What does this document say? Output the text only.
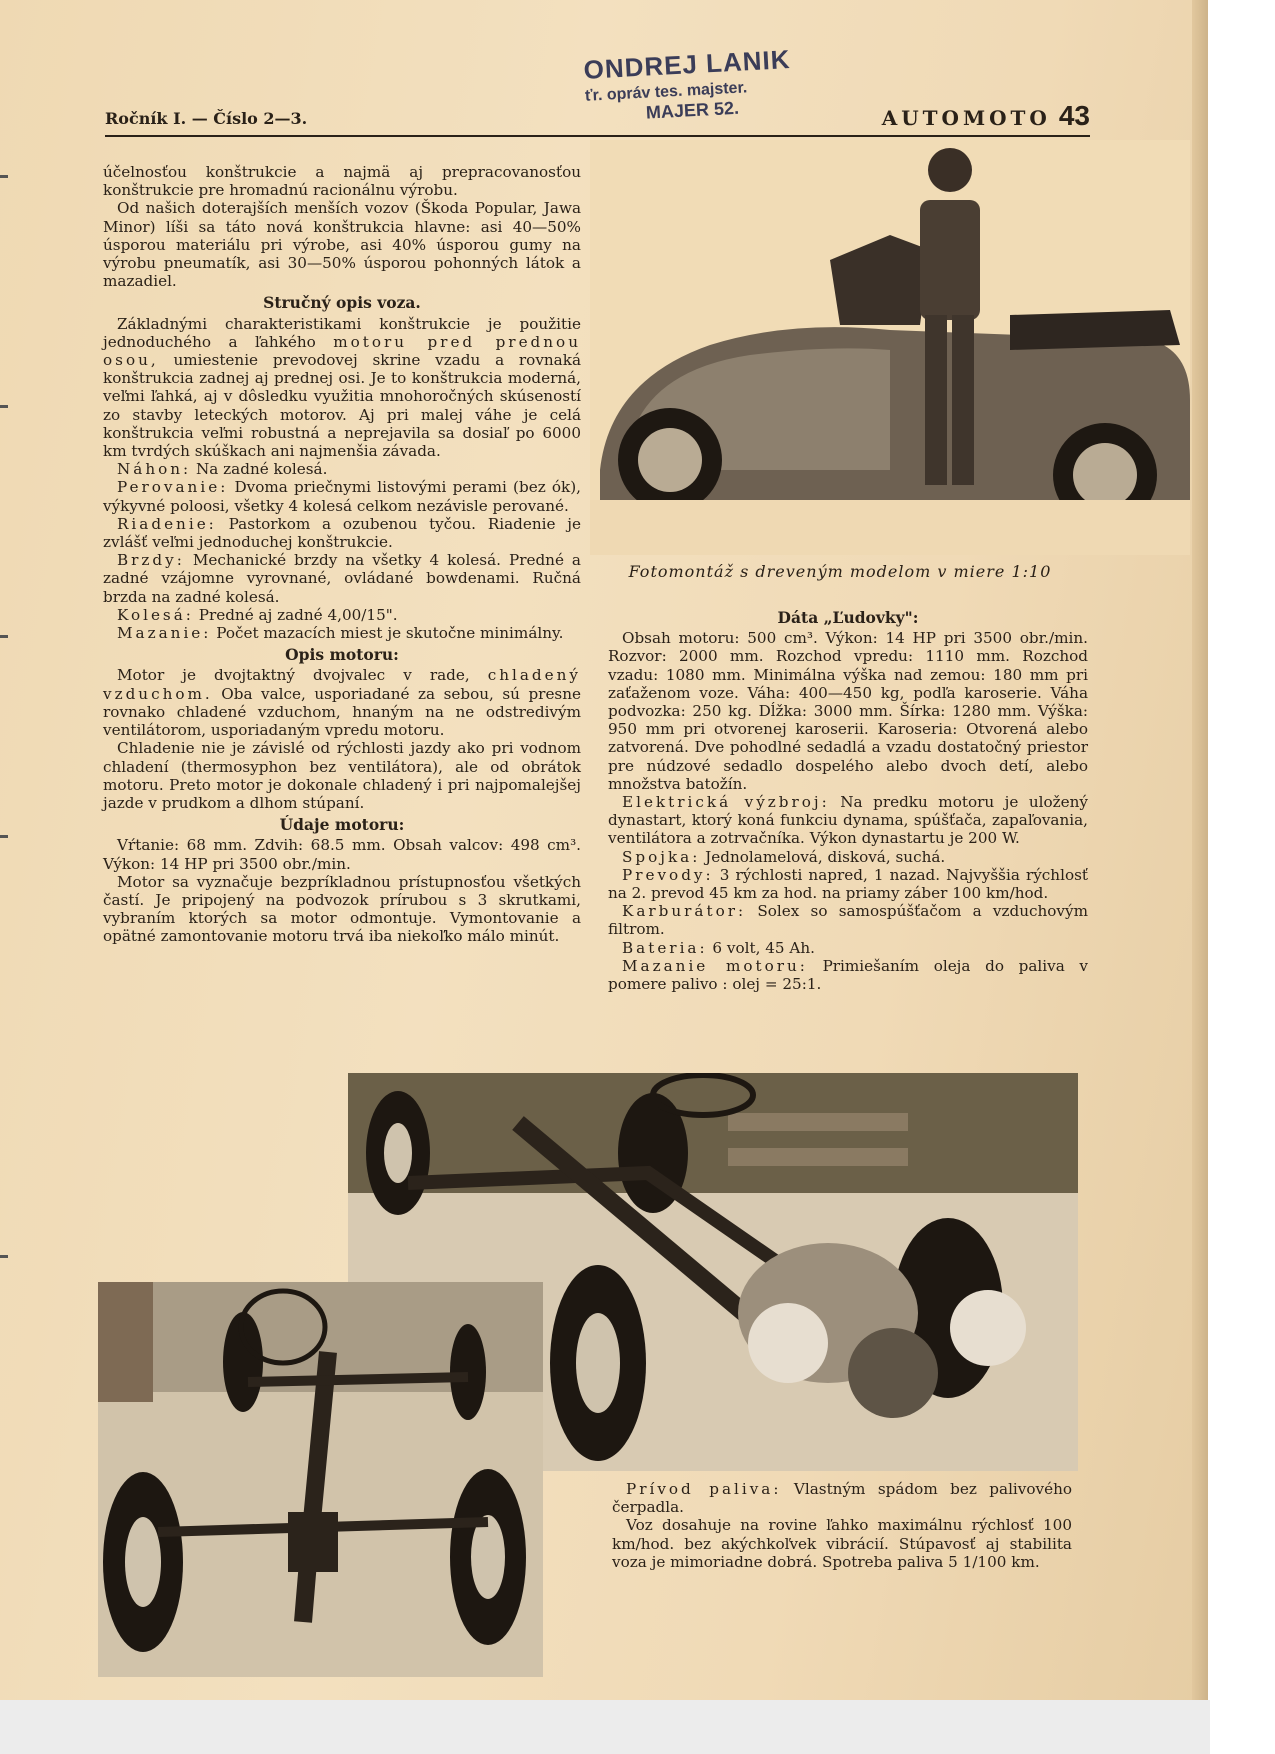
Ročník I. — Číslo 2—3.	AUTOMOTO 43
ONDREJ LANIK
ťr. opráv tes. majster.
MAJER 52.

účelnosťou konštrukcie a najmä aj prepracovanosťou konštrukcie pre hromadnú racionálnu výrobu.

Od našich doterajších menších vozov (Škoda Popular, Jawa Minor) líši sa táto nová konštrukcia hlavne: asi 40—50% úsporou materiálu pri výrobe, asi 40% úsporou gumy na výrobu pneumatík, asi 30—50% úsporou pohonných látok a mazadiel.

Stručný opis voza.

Základnými charakteristikami konštrukcie je použitie jednoduchého a ľahkého motoru pred prednou osou, umiestenie prevodovej skrine vzadu a rovnaká konštrukcia zadnej aj prednej osi. Je to konštrukcia moderná, veľmi ľahká, aj v dôsledku využitia mnohoročných skúseností zo stavby leteckých motorov. Aj pri malej váhe je celá konštrukcia veľmi robustná a neprejavila sa dosiaľ po 6000 km tvrdých skúškach ani najmenšia závada.

Náhon: Na zadné kolesá.

Perovanie: Dvoma priečnymi listovými perami (bez ók), výkyvné poloosi, všetky 4 kolesá celkom nezávisle perované.

Riadenie: Pastorkom a ozubenou tyčou. Riadenie je zvlášť veľmi jednoduchej konštrukcie.

Brzdy: Mechanické brzdy na všetky 4 kolesá. Predné a zadné vzájomne vyrovnané, ovládané bowdenami. Ručná brzda na zadné kolesá.

Kolesá: Predné aj zadné 4,00/15".

Mazanie: Počet mazacích miest je skutočne minimálny.

Opis motoru:

Motor je dvojtaktný dvojvalec v rade, chladený vzduchom. Oba valce, usporiadané za sebou, sú presne rovnako chladené vzduchom, hnaným na ne odstredivým ventilátorom, usporiadaným vpredu motoru.

Chladenie nie je závislé od rýchlosti jazdy ako pri vodnom chladení (thermosyphon bez ventilátora), ale od obrátok motoru. Preto motor je dokonale chladený i pri najpomalejšej jazde v prudkom a dlhom stúpaní.

Údaje motoru:

Vŕtanie: 68 mm. Zdvih: 68.5 mm. Obsah valcov: 498 cm³. Výkon: 14 HP pri 3500 obr./min.

Motor sa vyznačuje bezpríkladnou prístupnosťou všetkých častí. Je pripojený na podvozok prírubou s 3 skrutkami, vybraním ktorých sa motor odmontuje. Vymontovanie a opätné zamontovanie motoru trvá iba niekoľko málo minút.

Fotomontáž s dreveným modelom v miere 1:10
Dáta „Ľudovky":

Obsah motoru: 500 cm³. Výkon: 14 HP pri 3500 obr./min. Rozvor: 2000 mm. Rozchod vpredu: 1110 mm. Rozchod vzadu: 1080 mm. Minimálna výška nad zemou: 180 mm pri zaťaženom voze. Váha: 400—450 kg, podľa karoserie. Váha podvozka: 250 kg. Dĺžka: 3000 mm. Šírka: 1280 mm. Výška: 950 mm pri otvorenej karoserii. Karoseria: Otvorená alebo zatvorená. Dve pohodlné sedadlá a vzadu dostatočný priestor pre núdzové sedadlo dospelého alebo dvoch detí, alebo množstva batožín.

Elektrická výzbroj: Na predku motoru je uložený dynastart, ktorý koná funkciu dynama, spúšťača, zapaľovania, ventilátora a zotrvačníka. Výkon dynastartu je 200 W.

Spojka: Jednolamelová, disková, suchá.

Prevody: 3 rýchlosti napred, 1 nazad. Najvyššia rýchlosť na 2. prevod 45 km za hod. na priamy záber 100 km/hod.

Karburátor: Solex so samospúšťačom a vzduchovým filtrom.

Bateria: 6 volt, 45 Ah.

Mazanie motoru: Primiešaním oleja do paliva v pomere palivo : olej = 25:1.

Prívod paliva: Vlastným spádom bez palivového čerpadla.

Voz dosahuje na rovine ľahko maximálnu rýchlosť 100 km/hod. bez akýchkoľvek vibrácií. Stúpavosť aj stabilita voza je mimoriadne dobrá. Spotreba paliva 5 1/100 km.
